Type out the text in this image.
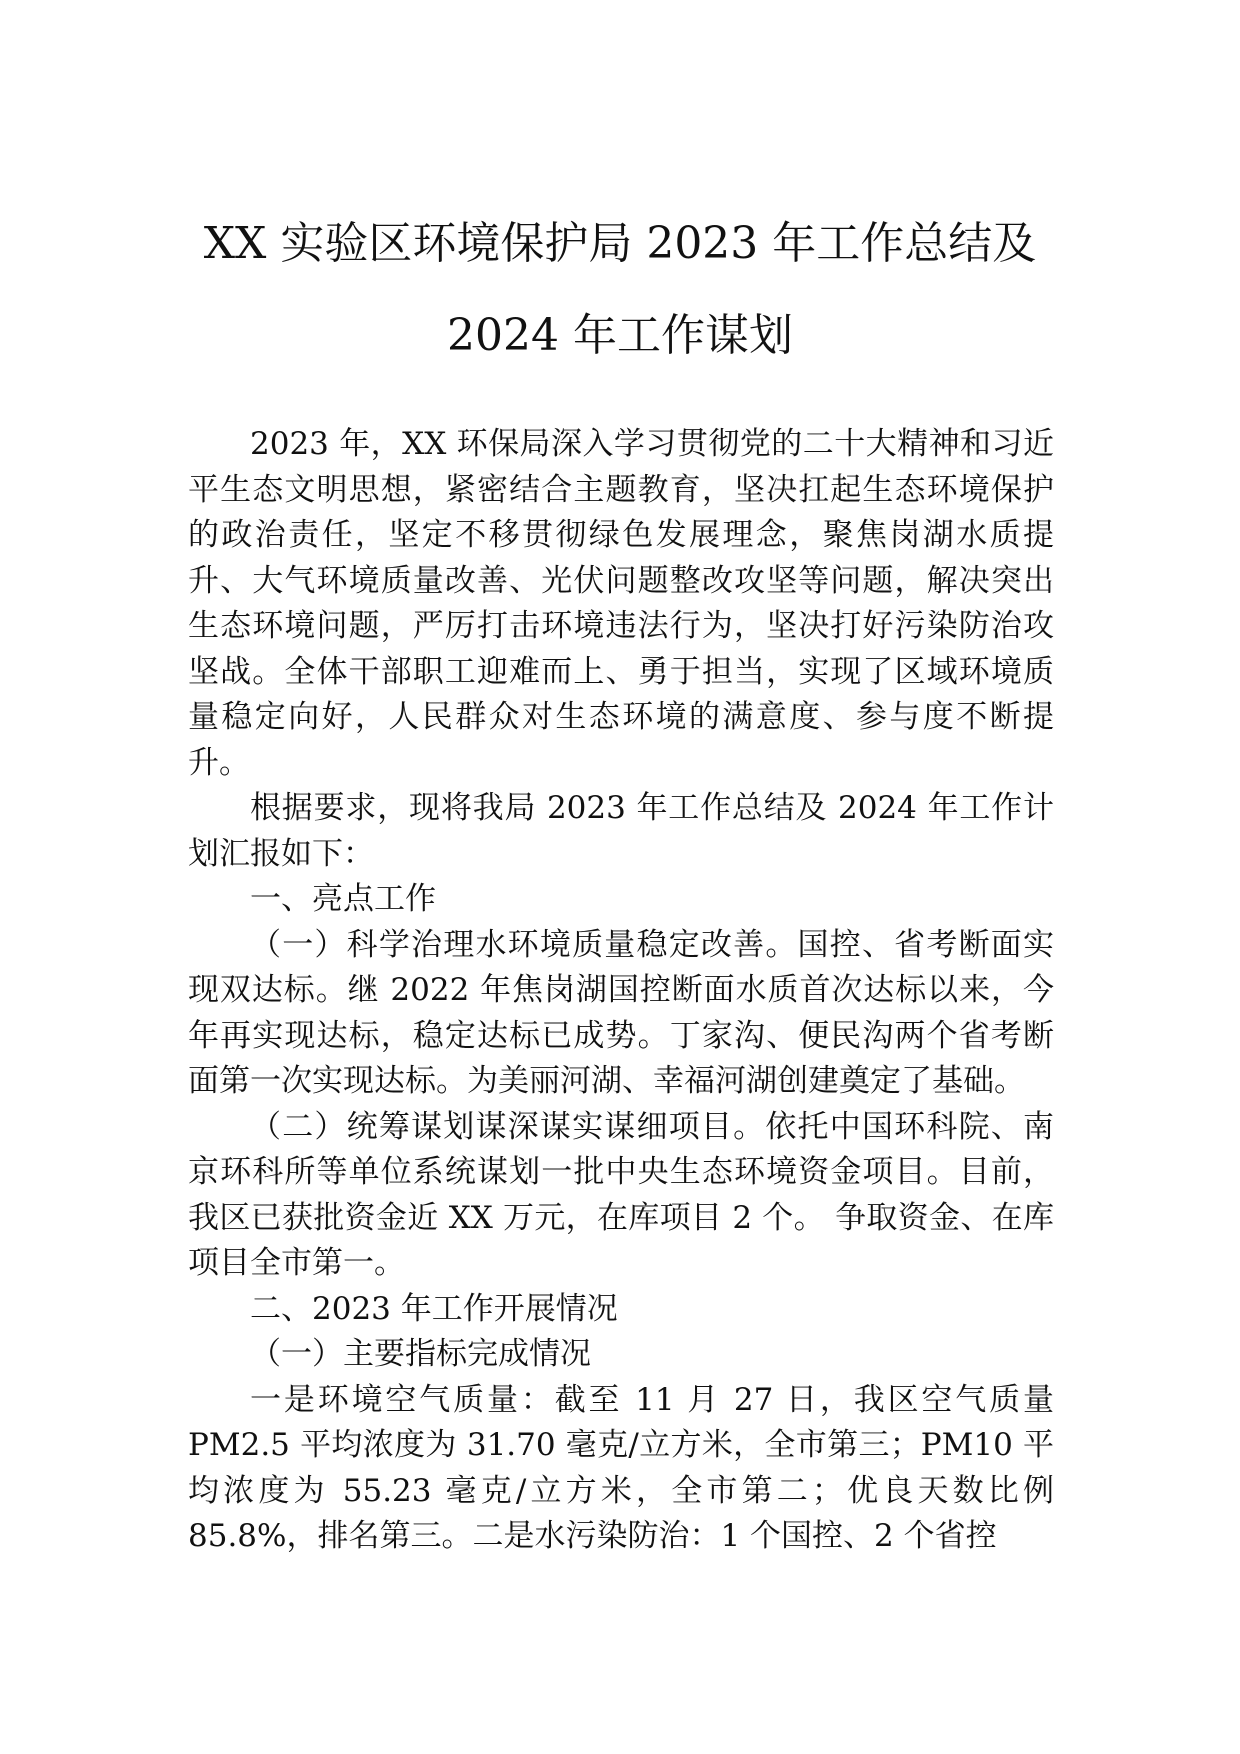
XX 实验区环境保护局 2023 年工作总结及
2024 年工作谋划

2023 年，XX 环保局深入学习贯彻党的二十大精神和习近平生态文明思想，紧密结合主题教育，坚决扛起生态环境保护的政治责任，坚定不移贯彻绿色发展理念，聚焦岗湖水质提升、大气环境质量改善、光伏问题整改攻坚等问题，解决突出生态环境问题，严厉打击环境违法行为，坚决打好污染防治攻坚战。全体干部职工迎难而上、勇于担当，实现了区域环境质量稳定向好，人民群众对生态环境的满意度、参与度不断提升。

根据要求，现将我局 2023 年工作总结及 2024 年工作计划汇报如下：

一、亮点工作

（一）科学治理水环境质量稳定改善。国控、省考断面实现双达标。继 2022 年焦岗湖国控断面水质首次达标以来，今年再实现达标，稳定达标已成势。丁家沟、便民沟两个省考断面第一次实现达标。为美丽河湖、幸福河湖创建奠定了基础。

（二）统筹谋划谋深谋实谋细项目。依托中国环科院、南京环科所等单位系统谋划一批中央生态环境资金项目。目前，我区已获批资金近 XX 万元，在库项目 2 个。 争取资金、在库项目全市第一。

二、2023 年工作开展情况

（一）主要指标完成情况

一是环境空气质量：截至 11 月 27 日，我区空气质量 PM2.5 平均浓度为 31.70 毫克/立方米，全市第三；PM10 平均浓度为 55.23 毫克/立方米，全市第二；优良天数比例 85.8%，排名第三。二是水污染防治：1 个国控、2 个省控
